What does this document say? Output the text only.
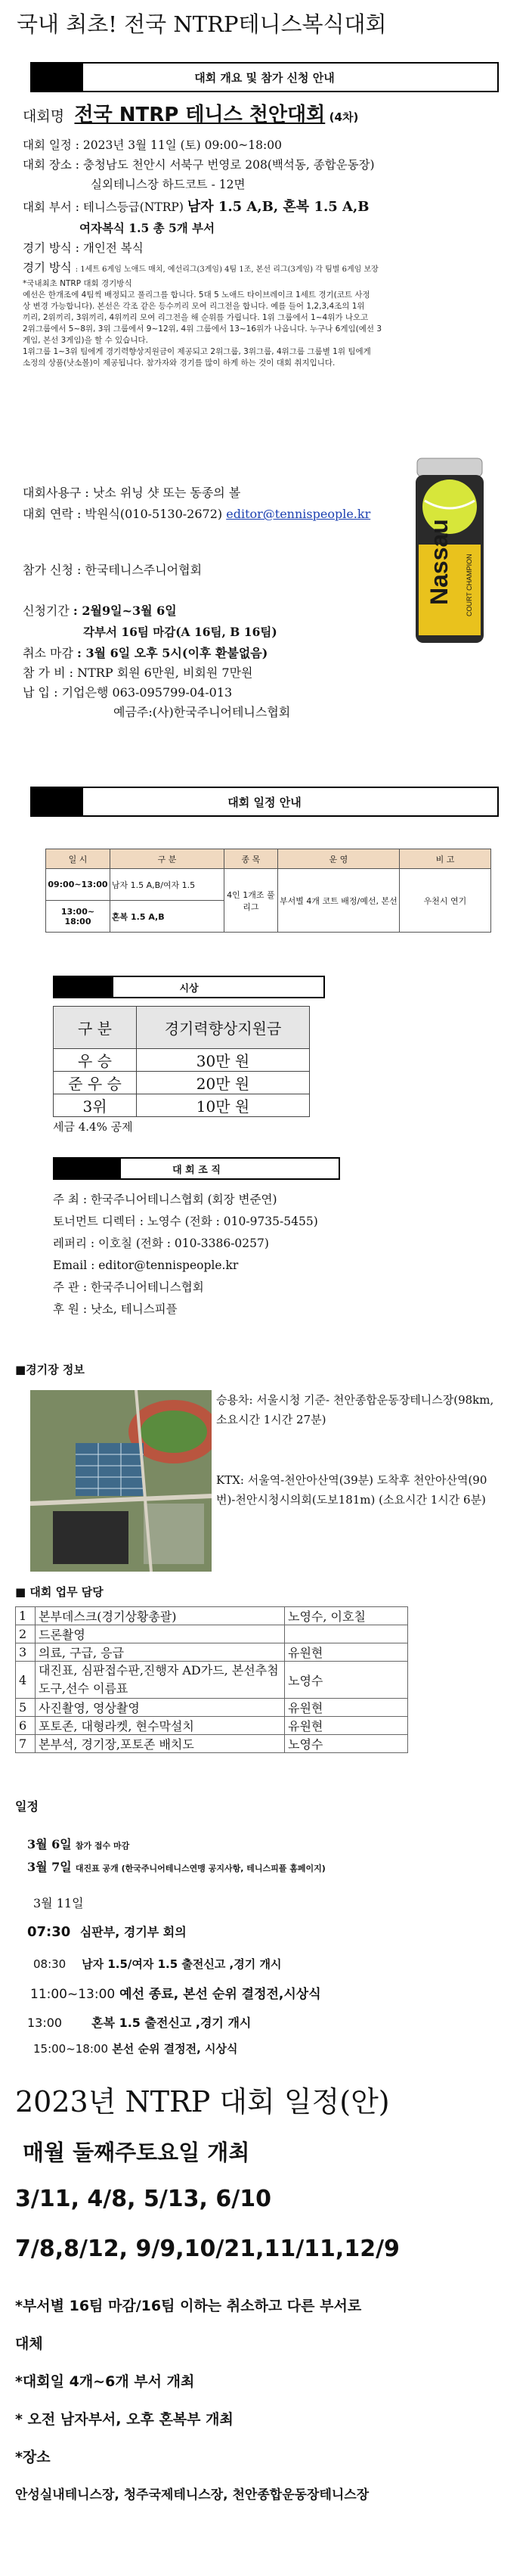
국내 최초! 전국 NTRP테니스복식대회
대회 개요 및 참가 신청 안내
대회명 전국 NTRP 테니스 천안대회 (4차)
대회 일정 : 2023년 3월 11일 (토) 09:00~18:00
대회 장소 : 충청남도 천안시 서북구 번영로 208(백석동, 종합운동장)
실외테니스장 하드코트 - 12면
대회 부서 : 테니스등급(NTRP) 남자 1.5 A,B, 혼복 1.5 A,B
여자복식 1.5 총 5개 부서
경기 방식 : 개인전 복식
경기 방식 : 1세트 6게임 노애드 매치, 예선리그(3게임) 4팀 1조, 본선 리그(3게임) 각 팀별 6게임 보장
*국내최초 NTRP 대회 경기방식
예선은 한개조에 4팀씩 배정되고 풀리그를 합니다. 5대 5 노애드 타이브레이크 1세트 경기(코트 사정
상 변경 가능합니다). 본선은 각조 같은 등수끼리 모여 리그전을 합니다. 예를 들어 1,2,3,4조의 1위
끼리, 2위끼리, 3위끼리, 4위끼리 모여 리그전을 해 순위를 가립니다. 1위 그룹에서 1~4위가 나오고
2위그룹에서 5~8위, 3위 그룹에서 9~12위, 4위 그룹에서 13~16위가 나옵니다. 누구나 6게임(예선 3
게임, 본선 3게임)을 할 수 있습니다.
1위그룹 1~3위 팀에게 경기력향상지원금이 제공되고 2위그룹, 3위그룹, 4위그룹 그룹별 1위 팀에게
소정의 상품(낫소볼)이 제공됩니다. 참가자와 경기를 많이 하게 하는 것이 대회 취지입니다.
대회사용구 : 낫소 위닝 샷 또는 동종의 볼
대회 연락 : 박원식(010-5130-2672) editor@tennispeople.kr
Nassau COURT CHAMPION
참가 신청 : 한국테니스주니어협회
신청기간 : 2월9일~3월 6일
각부서 16팀 마감(A 16팀, B 16팀)
취소 마감 : 3월 6일 오후 5시(이후 환불없음)
참 가 비 : NTRP 회원 6만원, 비회원 7만원
납 입 : 기업은행 063-095799-04-013
예금주:(사)한국주니어테니스협회
대회 일정 안내
일 시	구 분	종 목	운 영	비 고
09:00~13:00	남자 1.5 A,B/여자 1.5	4인 1개조 풀리그	부서별 4개 코트 배정/예선, 본선	우천시 연기
13:00~ 18:00	혼복 1.5 A,B			
시상
구 분	경기력향상지원금
우 승	30만 원
준 우 승	20만 원
3위	10만 원
세금 4.4% 공제
대 회 조 직
주 최 : 한국주니어테니스협회 (회장 변준연)
토너먼트 디렉터 : 노영수 (전화 : 010-9735-5455)
레퍼리 : 이호칠 (전화 : 010-3386-0257)
Email : editor@tennispeople.kr
주 관 : 한국주니어테니스협회
후 원 : 낫소, 테니스피플
■경기장 정보
승용차: 서울시청 기준- 천안종합운동장테니스장(98km, 소요시간 1시간 27분)
KTX: 서울역-천안아산역(39분) 도착후 천안아산역(90번)-천안시청시의회(도보181m) (소요시간 1시간 6분)
■ 대회 업무 담당
1	본부데스크(경기상황총괄)	노영수, 이호칠
2	드론촬영	
3	의료, 구급, 응급	유원현
4	대진표, 심판접수판,진행자 AD가드, 본선추첨 도구,선수 이름표	노영수
5	사진촬영, 영상촬영	유원현
6	포토존, 대형라켓, 현수막설치	유원현
7	본부석, 경기장,포토존 배치도	노영수
일정
3월 6일 참가 접수 마감
3월 7일 대진표 공개 (한국주니어테니스연맹 공지사항, 테니스피플 홈페이지)
3월 11일
07:30 심판부, 경기부 회의
08:30 남자 1.5/여자 1.5 출전신고 ,경기 개시
11:00~13:00 예선 종료, 본선 순위 결정전,시상식
13:00 혼복 1.5 출전신고 ,경기 개시
15:00~18:00 본선 순위 결정전, 시상식
2023년 NTRP 대회 일정(안)
매월 둘째주토요일 개최
3/11, 4/8, 5/13, 6/10
7/8,8/12, 9/9,10/21,11/11,12/9
*부서별 16팀 마감/16팀 이하는 취소하고 다른 부서로
대체
*대회일 4개~6개 부서 개최
* 오전 남자부서, 오후 혼복부 개최
*장소
안성실내테니스장, 청주국제테니스장, 천안종합운동장테니스장
